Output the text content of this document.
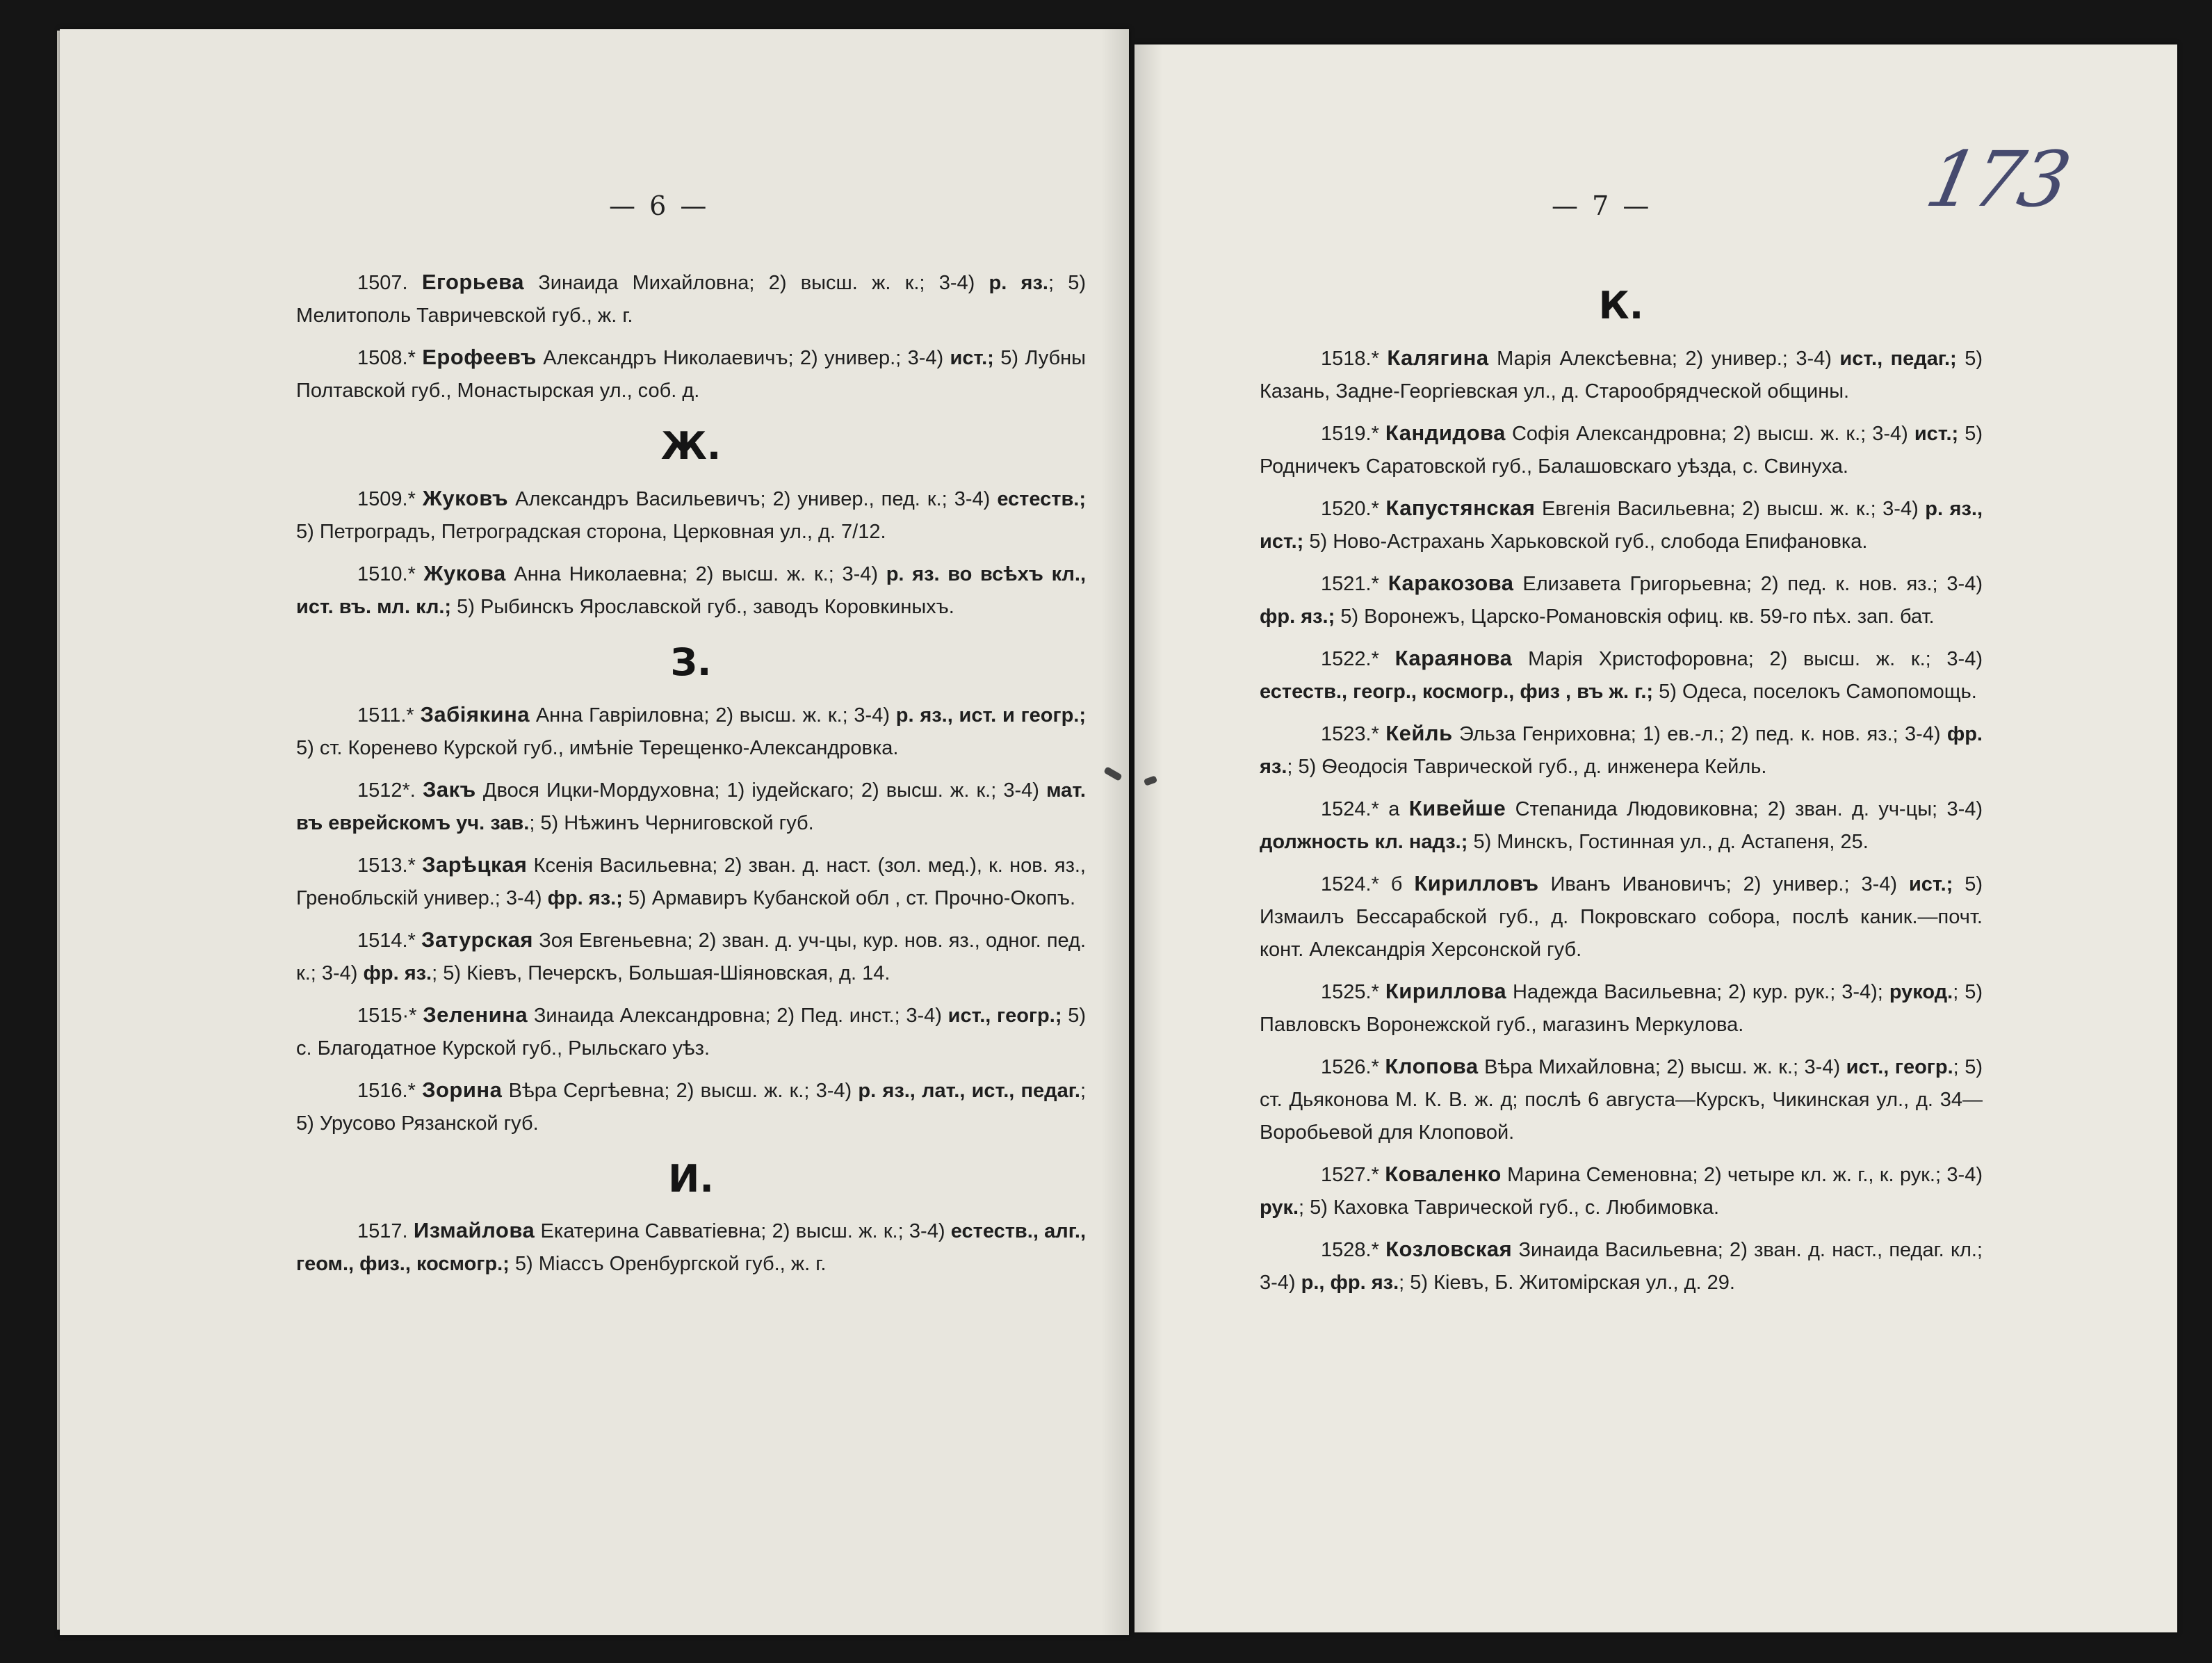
— 6 —
1507. Егорьева Зинаида Михайловна; 2) высш. ж. к.; 3-4) р. яз.; 5) Мелитополь Тавричевской губ., ж. г.
1508.* Ерофеевъ Александръ Николаевичъ; 2) универ.; 3-4) ист.; 5) Лубны Полтавской губ., Монастырская ул., соб. д.
Ж.
1509.* Жуковъ Александръ Васильевичъ; 2) универ., пед. к.; 3-4) естеств.; 5) Петроградъ, Петроградская сторона, Церковная ул., д. 7/12.
1510.* Жукова Анна Николаевна; 2) высш. ж. к.; 3-4) р. яз. во всѣхъ кл., ист. въ. мл. кл.; 5) Рыбинскъ Ярославской губ., заводъ Коровкиныхъ.
З.
1511.* Забіякина Анна Гавріиловна; 2) высш. ж. к.; 3-4) р. яз., ист. и геогр.; 5) ст. Кореневo Курской губ., имѣніе Терещенко-Александровка.
1512*. Закъ Двося Ицки-Мордуховна; 1) іудейскаго; 2) высш. ж. к.; 3-4) мат. въ еврейскомъ уч. зав.; 5) Нѣжинъ Черниговской губ.
1513.* Зарѣцкая Ксенія Васильевна; 2) зван. д. наст. (зол. мед.), к. нов. яз., Гренобльскій универ.; 3-4) фр. яз.; 5) Армавиръ Кубанской обл , ст. Прочно-Окопъ.
1514.* Затурская Зоя Евгеньевна; 2) зван. д. уч-цы, кур. нов. яз., одног. пед. к.; 3-4) фр. яз.; 5) Кіевъ, Печерскъ, Большая-Шіяновская, д. 14.
1515·* Зеленина Зинаида Александровна; 2) Пед. инст.; 3-4) ист., геогр.; 5) с. Благодатное Курской губ., Рыльскаго уѣз.
1516.* Зорина Вѣра Сергѣевна; 2) высш. ж. к.; 3-4) р. яз., лат., ист., педаг.; 5) Урусово Рязанской губ.
И.
1517. Измайлова Екатерина Савватіевна; 2) высш. ж. к.; 3-4) естеств., алг., геом., физ., космогр.; 5) Міассъ Оренбургской губ., ж. г.
— 7 —	173
К.
1518.* Калягина Марія Алексѣевна; 2) универ.; 3-4) ист., педаг.; 5) Казань, Задне-Георгіевская ул., д. Старообрядческой общины.
1519.* Кандидова Софія Александровна; 2) высш. ж. к.; 3-4) ист.; 5) Родничекъ Саратовской губ., Балашовскаго уѣзда, с. Свинуха.
1520.* Капустянская Евгенія Васильевна; 2) высш. ж. к.; 3-4) р. яз., ист.; 5) Ново-Астрахань Харьковской губ., слобода Епифановка.
1521.* Каракозова Елизавета Григорьевна; 2) пед. к. нов. яз.; 3-4) фр. яз.; 5) Воронежъ, Царско-Романовскія офиц. кв. 59-го пѣх. зап. бат.
1522.* Караянова Марія Христофоровна; 2) высш. ж. к.; 3-4) естеств., геогр., космогр., физ , въ ж. г.; 5) Одеса, поселокъ Самопомощь.
1523.* Кейль Эльза Генриховна; 1) ев.-л.; 2) пед. к. нов. яз.; 3-4) фр. яз.; 5) Ѳеодосія Таврической губ., д. инженера Кейль.
1524.* а Кивейше Степанида Людовиковна; 2) зван. д. уч-цы; 3-4) должность кл. надз.; 5) Минскъ, Гостинная ул., д. Астапеня, 25.
1524.* б Кирилловъ Иванъ Ивановичъ; 2) универ.; 3-4) ист.; 5) Измаилъ Бессарабской губ., д. Покровскаго собора, послѣ каник.—почт. конт. Александрія Херсонской губ.
1525.* Кириллова Надежда Васильевна; 2) кур. рук.; 3-4); рукод.; 5) Павловскъ Воронежской губ., магазинъ Меркулова.
1526.* Клопова Вѣра Михайловна; 2) высш. ж. к.; 3-4) ист., геогр.; 5) ст. Дьяконова М. К. В. ж. д; послѣ 6 августа—Курскъ, Чикинская ул., д. 34—Воробьевой для Клоповой.
1527.* Коваленко Марина Семеновна; 2) четыре кл. ж. г., к. рук.; 3-4) рук.; 5) Каховка Таврической губ., с. Любимовка.
1528.* Козловская Зинаида Васильевна; 2) зван. д. наст., педаг. кл.; 3-4) р., фр. яз.; 5) Кіевъ, Б. Житомірская ул., д. 29.
